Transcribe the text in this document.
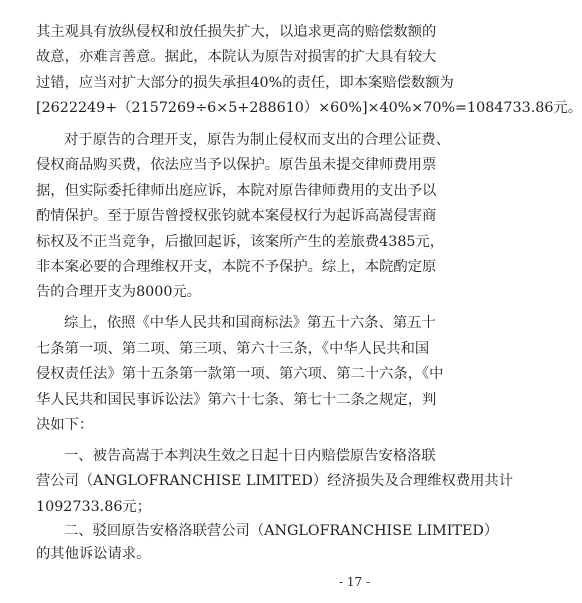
其主观具有放纵侵权和放任损失扩大，以追求更高的赔偿数额的

故意，亦难言善意。据此，本院认为原告对损害的扩大具有较大

过错，应当对扩大部分的损失承担40%的责任，即本案赔偿数额为

[2622249+（2157269÷6×5+288610）×60%]×40%×70%=1084733.86元。

对于原告的合理开支，原告为制止侵权而支出的合理公证费、

侵权商品购买费，依法应当予以保护。原告虽未提交律师费用票

据，但实际委托律师出庭应诉，本院对原告律师费用的支出予以

酌情保护。至于原告曾授权张钧就本案侵权行为起诉高嵩侵害商

标权及不正当竞争，后撤回起诉，该案所产生的差旅费4385元，

非本案必要的合理维权开支，本院不予保护。综上，本院酌定原

告的合理开支为8000元。

综上，依照《中华人民共和国商标法》第五十六条、第五十

七条第一项、第二项、第三项、第六十三条，《中华人民共和国

侵权责任法》第十五条第一款第一项、第六项、第二十六条，《中

华人民共和国民事诉讼法》第六十七条、第七十二条之规定，判

决如下：

一、被告高嵩于本判决生效之日起十日内赔偿原告安格洛联

营公司（ANGLOFRANCHISE LIMITED）经济损失及合理维权费用共计

1092733.86元；

二、驳回原告安格洛联营公司（ANGLOFRANCHISE LIMITED）

的其他诉讼请求。

- 17 -
